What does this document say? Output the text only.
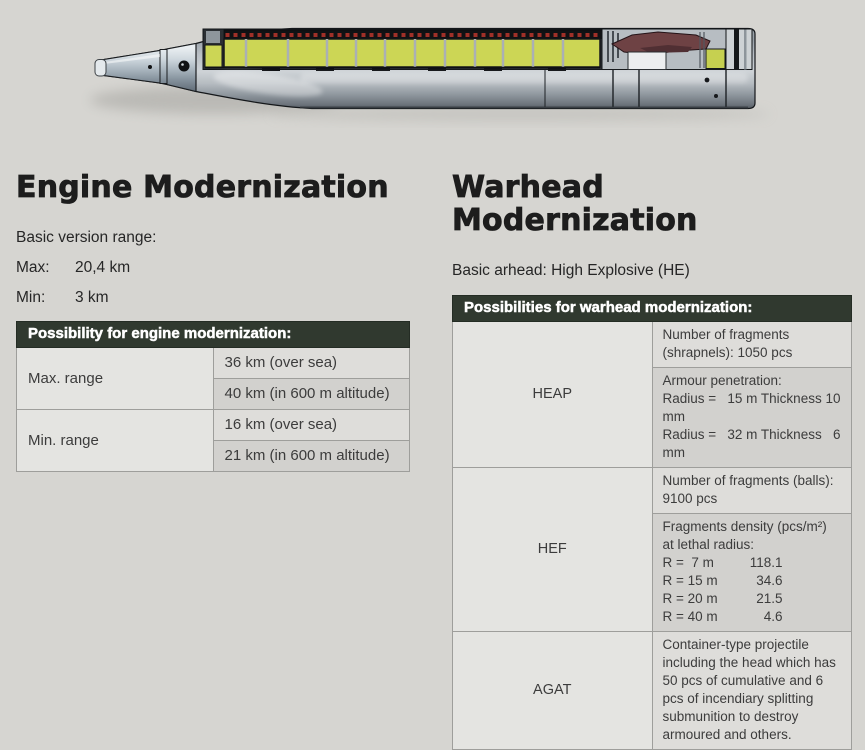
Engine Modernization

Basic version range:

Max:	20,4 km
Min:	3 km
Possibility for engine modernization:	
Max. range	36 km (over sea)
	40 km (in 600 m altitude)
Min. range	16 km (over sea)
	21 km (in 600 m altitude)
Warhead Modernization

Basic arhead: High Explosive (HE)

Possibilities for warhead modernization:	
HEAP	Number of fragments (shrapnels): 1050 pcs

	Armour penetration:
Radius =   15 m Thickness 10 mm
Radius =   32 m Thickness   6 mm

HEF	Number of fragments (balls): 9100 pcs

Fragments density (pcs/m²) at lethal radius:
R =  7 m	118.1
R = 15 m	34.6
R = 20 m	21.5
R = 40 m	4.6

AGAT	Container-type projectile including the head which has 50 pcs of cumulative and 6 pcs of incendiary splitting submunition to destroy armoured and others.
